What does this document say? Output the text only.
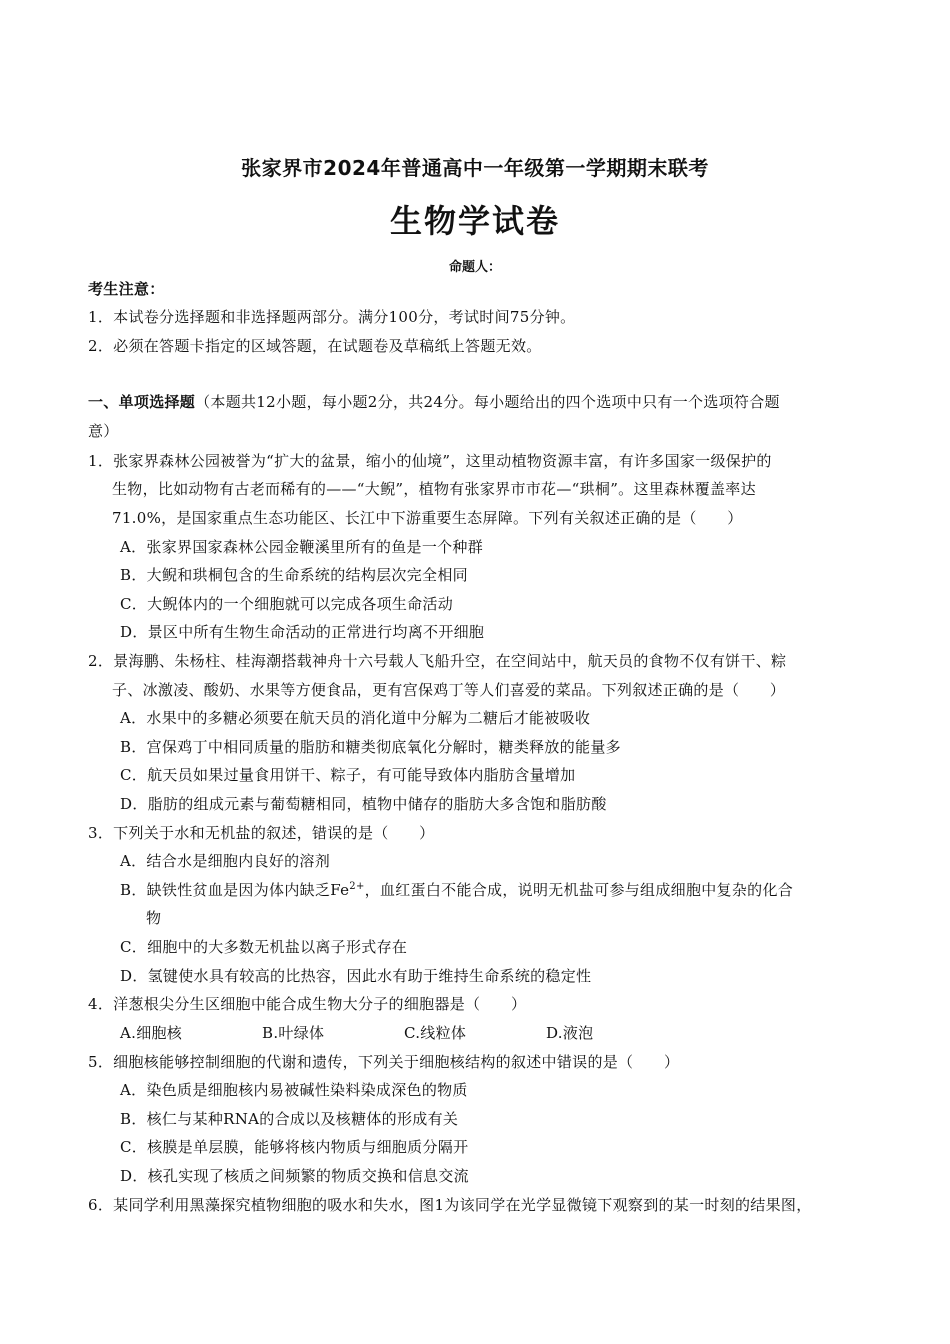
张家界市2024年普通高中一年级第一学期期末联考
生物学试卷
命题人：
考生注意：
1．本试卷分选择题和非选择题两部分。满分100分，考试时间75分钟。
2．必须在答题卡指定的区域答题，在试题卷及草稿纸上答题无效。
一、单项选择题（本题共12小题，每小题2分，共24分。每小题给出的四个选项中只有一个选项符合题
意）
1．张家界森林公园被誉为“扩大的盆景，缩小的仙境”，这里动植物资源丰富，有许多国家一级保护的
生物，比如动物有古老而稀有的——“大鲵”，植物有张家界市市花—“珙桐”。这里森林覆盖率达
71.0%，是国家重点生态功能区、长江中下游重要生态屏障。下列有关叙述正确的是（　　）
A．张家界国家森林公园金鞭溪里所有的鱼是一个种群
B．大鲵和珙桐包含的生命系统的结构层次完全相同
C．大鲵体内的一个细胞就可以完成各项生命活动
D．景区中所有生物生命活动的正常进行均离不开细胞
2．景海鹏、朱杨柱、桂海潮搭载神舟十六号载人飞船升空，在空间站中，航天员的食物不仅有饼干、粽
子、冰激凌、酸奶、水果等方便食品，更有宫保鸡丁等人们喜爱的菜品。下列叙述正确的是（　　）
A．水果中的多糖必须要在航天员的消化道中分解为二糖后才能被吸收
B．宫保鸡丁中相同质量的脂肪和糖类彻底氧化分解时，糖类释放的能量多
C．航天员如果过量食用饼干、粽子，有可能导致体内脂肪含量增加
D．脂肪的组成元素与葡萄糖相同，植物中储存的脂肪大多含饱和脂肪酸
3．下列关于水和无机盐的叙述，错误的是（　　）
A．结合水是细胞内良好的溶剂
B．缺铁性贫血是因为体内缺乏$Fe^{2+}$，血红蛋白不能合成，说明无机盐可参与组成细胞中复杂的化合
物
C．细胞中的大多数无机盐以离子形式存在
D．氢键使水具有较高的比热容，因此水有助于维持生命系统的稳定性
4．洋葱根尖分生区细胞中能合成生物大分子的细胞器是（　　）
A.细胞核	B.叶绿体	C.线粒体	D.液泡
5．细胞核能够控制细胞的代谢和遗传，下列关于细胞核结构的叙述中错误的是（　　）
A．染色质是细胞核内易被碱性染料染成深色的物质
B．核仁与某种RNA的合成以及核糖体的形成有关
C．核膜是单层膜，能够将核内物质与细胞质分隔开
D．核孔实现了核质之间频繁的物质交换和信息交流
6．某同学利用黑藻探究植物细胞的吸水和失水，图1为该同学在光学显微镜下观察到的某一时刻的结果图，
